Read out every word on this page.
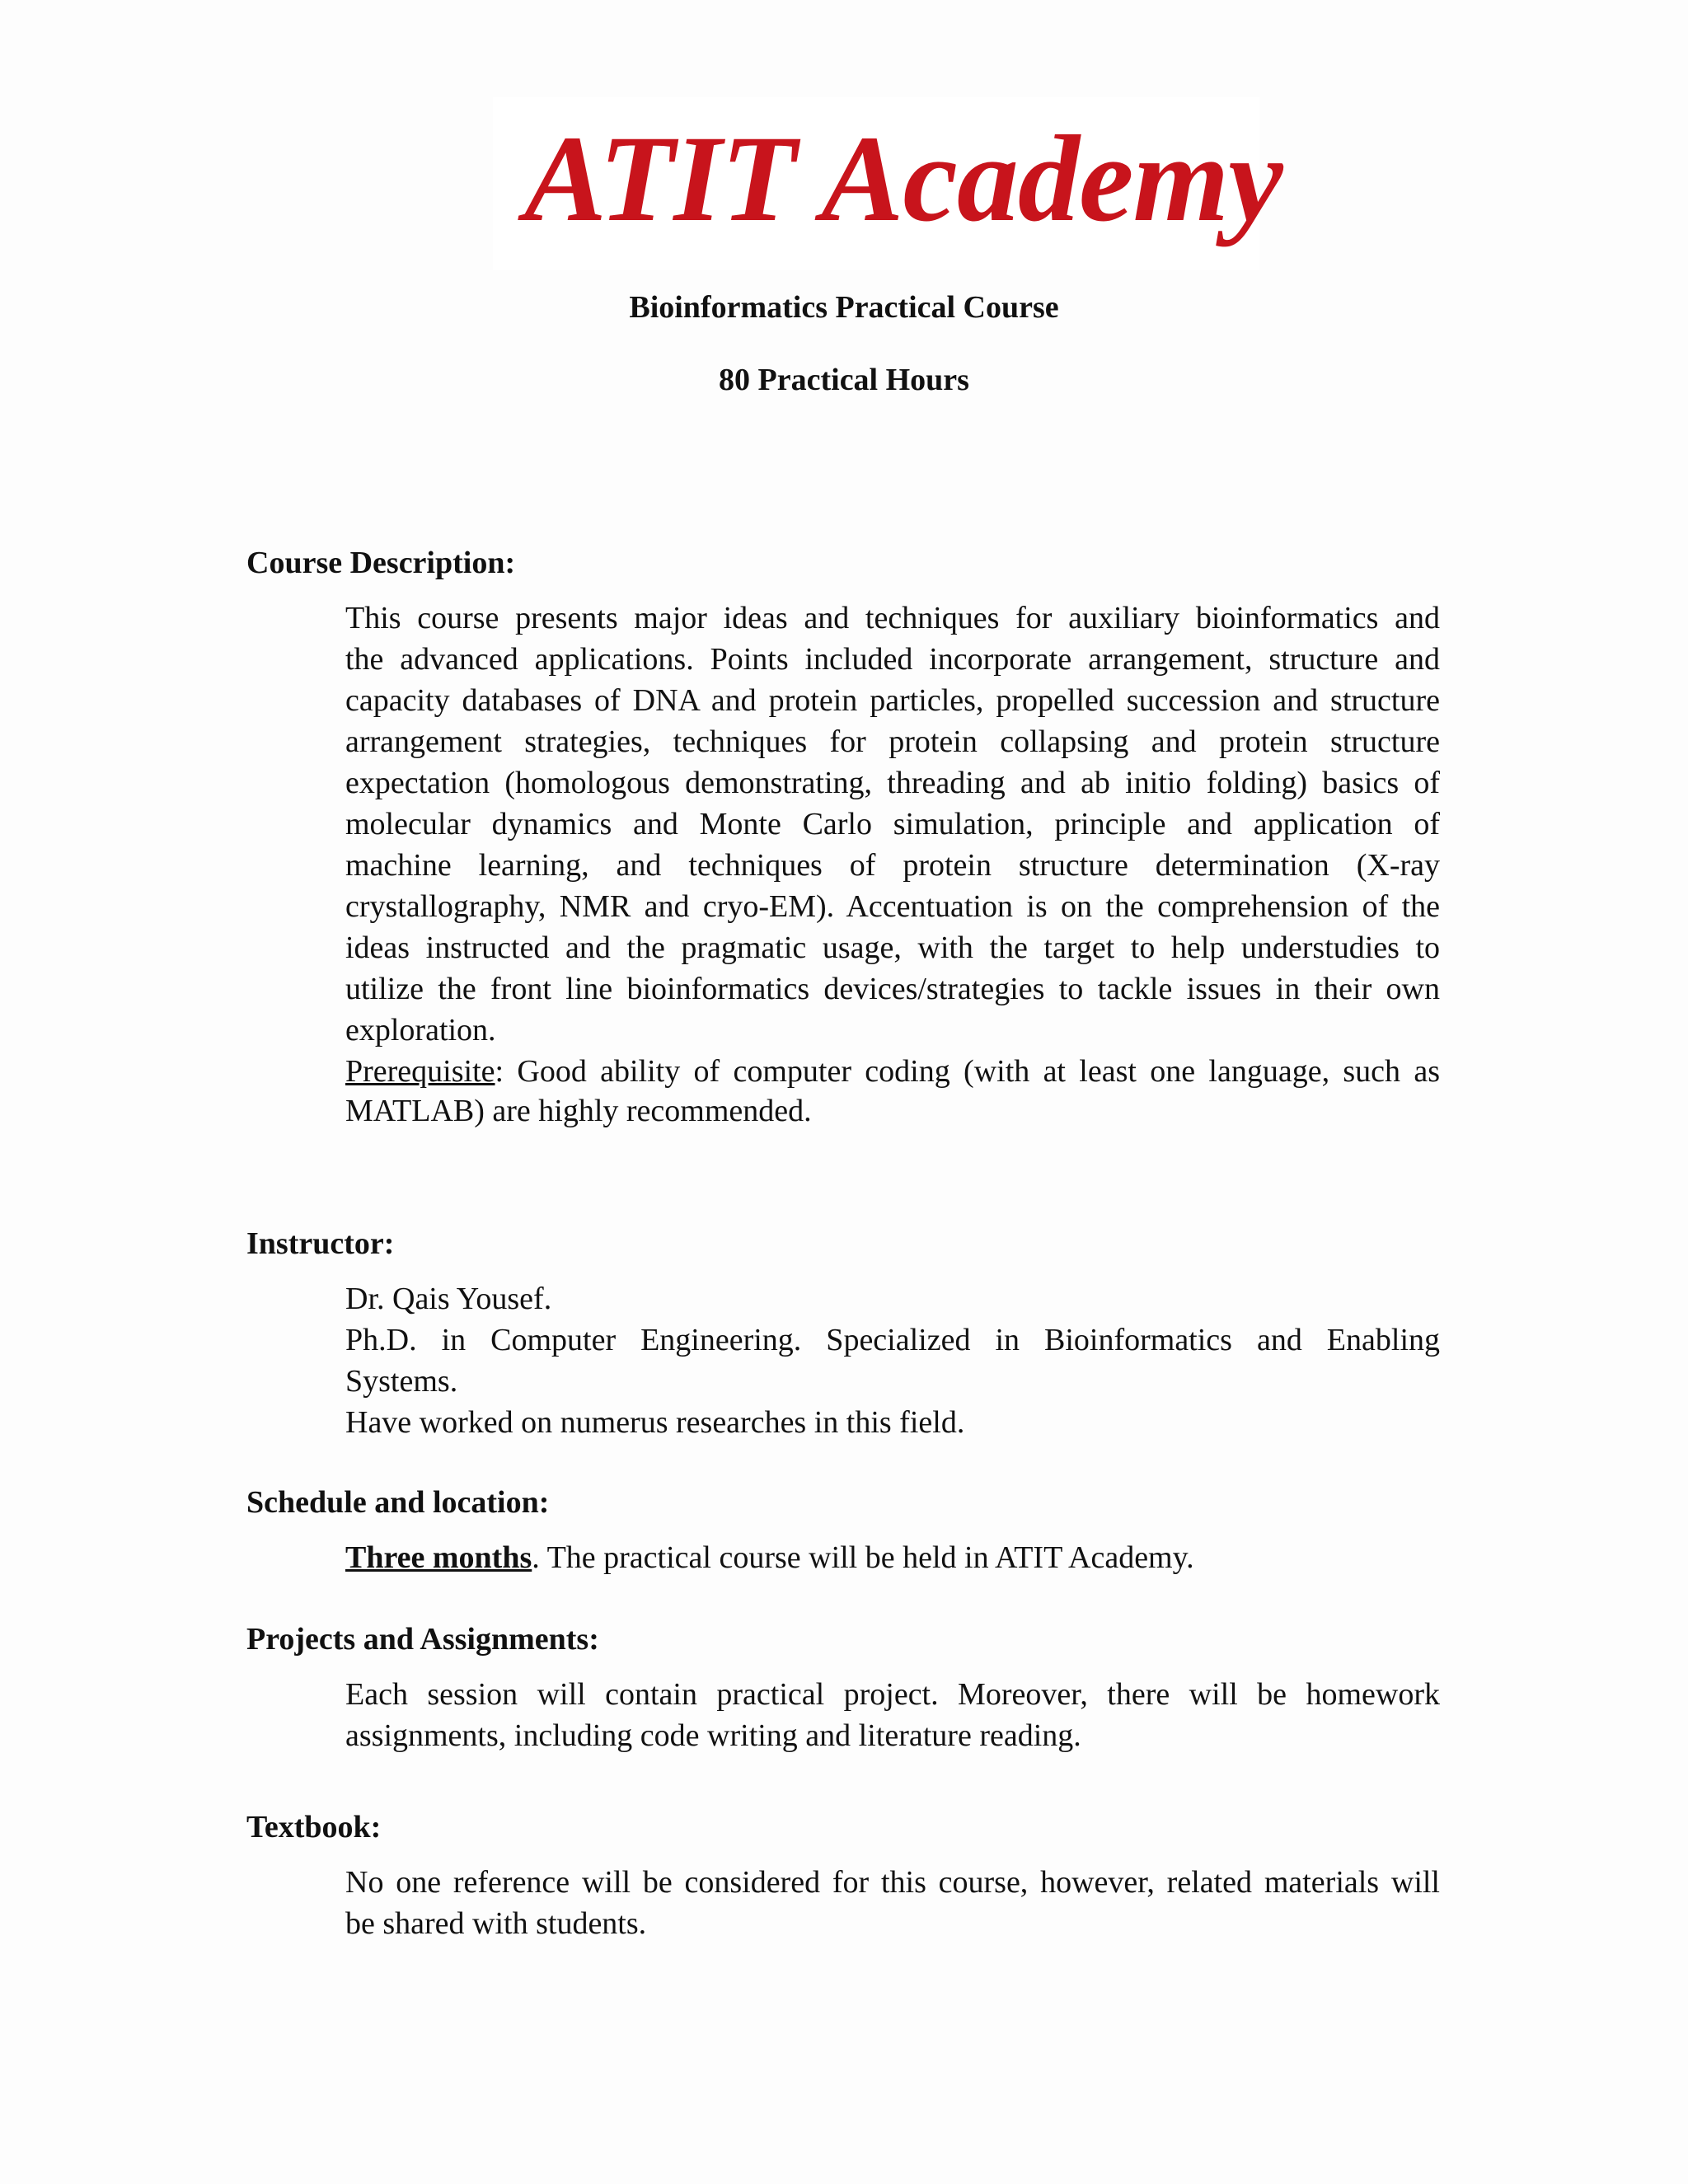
ATIT Academy
Bioinformatics Practical Course
80 Practical Hours
Course Description:
This course presents major ideas and techniques for auxiliary bioinformatics and
the advanced applications. Points included incorporate arrangement, structure and
capacity databases of DNA and protein particles, propelled succession and structure
arrangement strategies, techniques for protein collapsing and protein structure
expectation (homologous demonstrating, threading and ab initio folding) basics of
molecular dynamics and Monte Carlo simulation, principle and application of
machine learning, and techniques of protein structure determination (X-ray
crystallography, NMR and cryo-EM). Accentuation is on the comprehension of the
ideas instructed and the pragmatic usage, with the target to help understudies to
utilize the front line bioinformatics devices/strategies to tackle issues in their own
exploration.
Prerequisite: Good ability of computer coding (with at least one language, such as
MATLAB) are highly recommended.
Instructor:
Dr. Qais Yousef.
Ph.D. in Computer Engineering. Specialized in Bioinformatics and Enabling
Systems.
Have worked on numerus researches in this field.
Schedule and location:
Three months. The practical course will be held in ATIT Academy.
Projects and Assignments:
Each session will contain practical project. Moreover, there will be homework
assignments, including code writing and literature reading.
Textbook:
No one reference will be considered for this course, however, related materials will
be shared with students.
